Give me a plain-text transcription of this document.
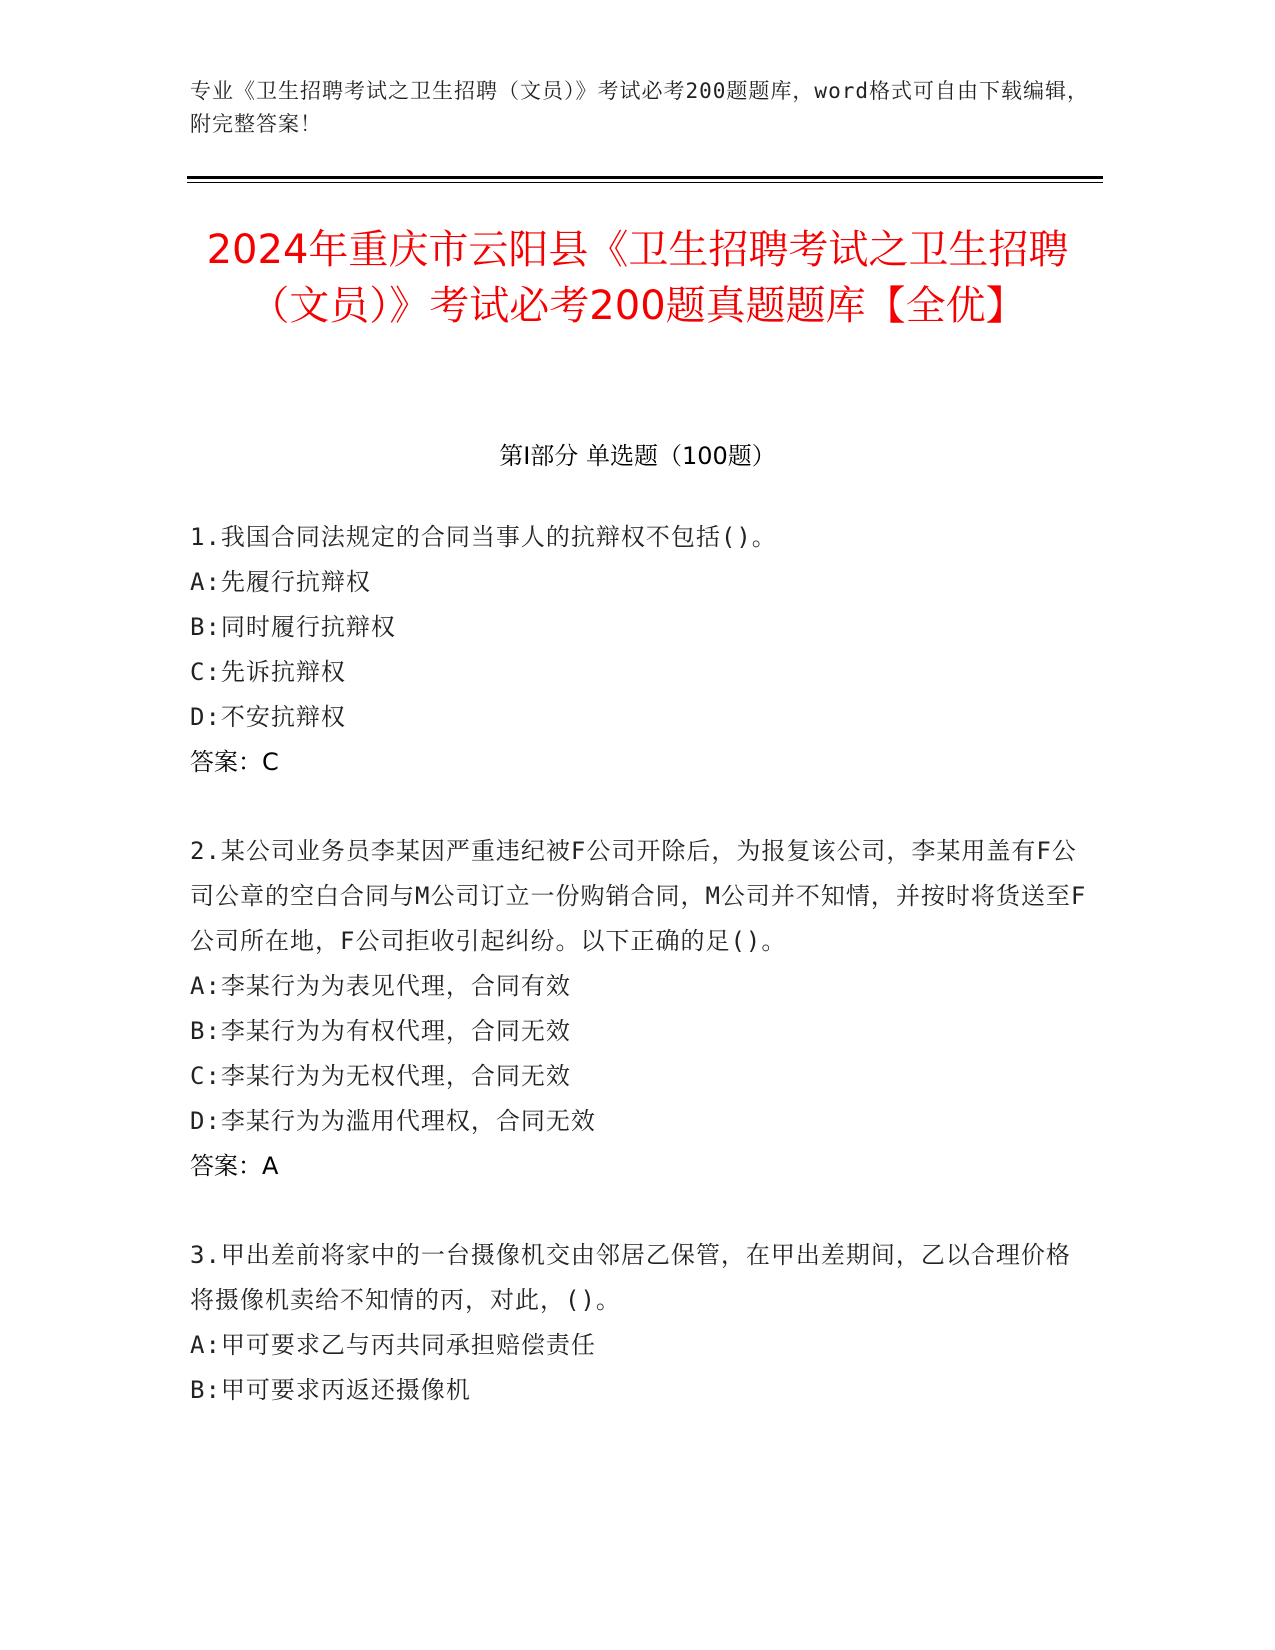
专业《卫生招聘考试之卫生招聘（文员）》考试必考200题题库，word格式可自由下载编辑，附完整答案！
2024年重庆市云阳县《卫生招聘考试之卫生招聘（文员）》考试必考200题真题题库【全优】
第I部分 单选题（100题）

1.我国合同法规定的合同当事人的抗辩权不包括()。

A:先履行抗辩权

B:同时履行抗辩权

C:先诉抗辩权

D:不安抗辩权

答案：C

2.某公司业务员李某因严重违纪被F公司开除后，为报复该公司，李某用盖有F公司公章的空白合同与M公司订立一份购销合同，M公司并不知情，并按时将货送至F公司所在地，F公司拒收引起纠纷。以下正确的足()。

A:李某行为为表见代理，合同有效

B:李某行为为有权代理，合同无效

C:李某行为为无权代理，合同无效

D:李某行为为滥用代理权，合同无效

答案：A

3.甲出差前将家中的一台摄像机交由邻居乙保管，在甲出差期间，乙以合理价格将摄像机卖给不知情的丙，对此，()。

A:甲可要求乙与丙共同承担赔偿责任

B:甲可要求丙返还摄像机
